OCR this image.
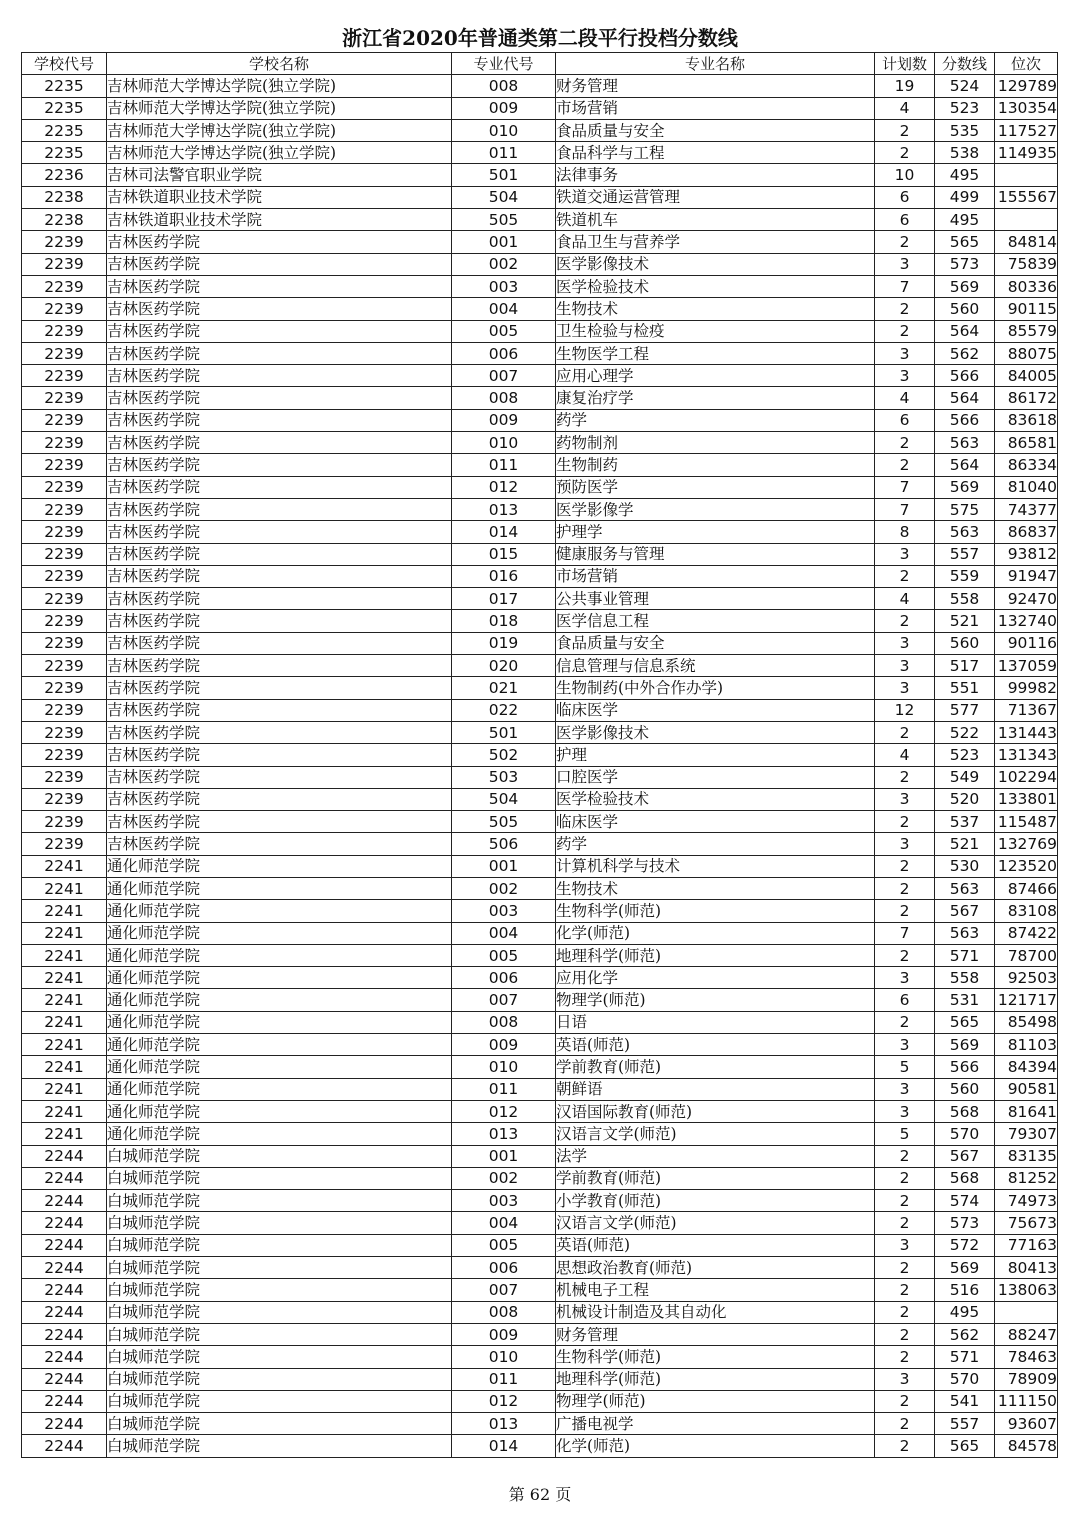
浙江省2020年普通类第二段平行投档分数线
学校代号	学校名称	专业代号	专业名称	计划数	分数线	位次
2235	吉林师范大学博达学院(独立学院)	008	财务管理	19	524	129789
2235	吉林师范大学博达学院(独立学院)	009	市场营销	4	523	130354
2235	吉林师范大学博达学院(独立学院)	010	食品质量与安全	2	535	117527
2235	吉林师范大学博达学院(独立学院)	011	食品科学与工程	2	538	114935
2236	吉林司法警官职业学院	501	法律事务	10	495	
2238	吉林铁道职业技术学院	504	铁道交通运营管理	6	499	155567
2238	吉林铁道职业技术学院	505	铁道机车	6	495	
2239	吉林医药学院	001	食品卫生与营养学	2	565	84814
2239	吉林医药学院	002	医学影像技术	3	573	75839
2239	吉林医药学院	003	医学检验技术	7	569	80336
2239	吉林医药学院	004	生物技术	2	560	90115
2239	吉林医药学院	005	卫生检验与检疫	2	564	85579
2239	吉林医药学院	006	生物医学工程	3	562	88075
2239	吉林医药学院	007	应用心理学	3	566	84005
2239	吉林医药学院	008	康复治疗学	4	564	86172
2239	吉林医药学院	009	药学	6	566	83618
2239	吉林医药学院	010	药物制剂	2	563	86581
2239	吉林医药学院	011	生物制药	2	564	86334
2239	吉林医药学院	012	预防医学	7	569	81040
2239	吉林医药学院	013	医学影像学	7	575	74377
2239	吉林医药学院	014	护理学	8	563	86837
2239	吉林医药学院	015	健康服务与管理	3	557	93812
2239	吉林医药学院	016	市场营销	2	559	91947
2239	吉林医药学院	017	公共事业管理	4	558	92470
2239	吉林医药学院	018	医学信息工程	2	521	132740
2239	吉林医药学院	019	食品质量与安全	3	560	90116
2239	吉林医药学院	020	信息管理与信息系统	3	517	137059
2239	吉林医药学院	021	生物制药(中外合作办学)	3	551	99982
2239	吉林医药学院	022	临床医学	12	577	71367
2239	吉林医药学院	501	医学影像技术	2	522	131443
2239	吉林医药学院	502	护理	4	523	131343
2239	吉林医药学院	503	口腔医学	2	549	102294
2239	吉林医药学院	504	医学检验技术	3	520	133801
2239	吉林医药学院	505	临床医学	2	537	115487
2239	吉林医药学院	506	药学	3	521	132769
2241	通化师范学院	001	计算机科学与技术	2	530	123520
2241	通化师范学院	002	生物技术	2	563	87466
2241	通化师范学院	003	生物科学(师范)	2	567	83108
2241	通化师范学院	004	化学(师范)	7	563	87422
2241	通化师范学院	005	地理科学(师范)	2	571	78700
2241	通化师范学院	006	应用化学	3	558	92503
2241	通化师范学院	007	物理学(师范)	6	531	121717
2241	通化师范学院	008	日语	2	565	85498
2241	通化师范学院	009	英语(师范)	3	569	81103
2241	通化师范学院	010	学前教育(师范)	5	566	84394
2241	通化师范学院	011	朝鲜语	3	560	90581
2241	通化师范学院	012	汉语国际教育(师范)	3	568	81641
2241	通化师范学院	013	汉语言文学(师范)	5	570	79307
2244	白城师范学院	001	法学	2	567	83135
2244	白城师范学院	002	学前教育(师范)	2	568	81252
2244	白城师范学院	003	小学教育(师范)	2	574	74973
2244	白城师范学院	004	汉语言文学(师范)	2	573	75673
2244	白城师范学院	005	英语(师范)	3	572	77163
2244	白城师范学院	006	思想政治教育(师范)	2	569	80413
2244	白城师范学院	007	机械电子工程	2	516	138063
2244	白城师范学院	008	机械设计制造及其自动化	2	495	
2244	白城师范学院	009	财务管理	2	562	88247
2244	白城师范学院	010	生物科学(师范)	2	571	78463
2244	白城师范学院	011	地理科学(师范)	3	570	78909
2244	白城师范学院	012	物理学(师范)	2	541	111150
2244	白城师范学院	013	广播电视学	2	557	93607
2244	白城师范学院	014	化学(师范)	2	565	84578
第 62 页
